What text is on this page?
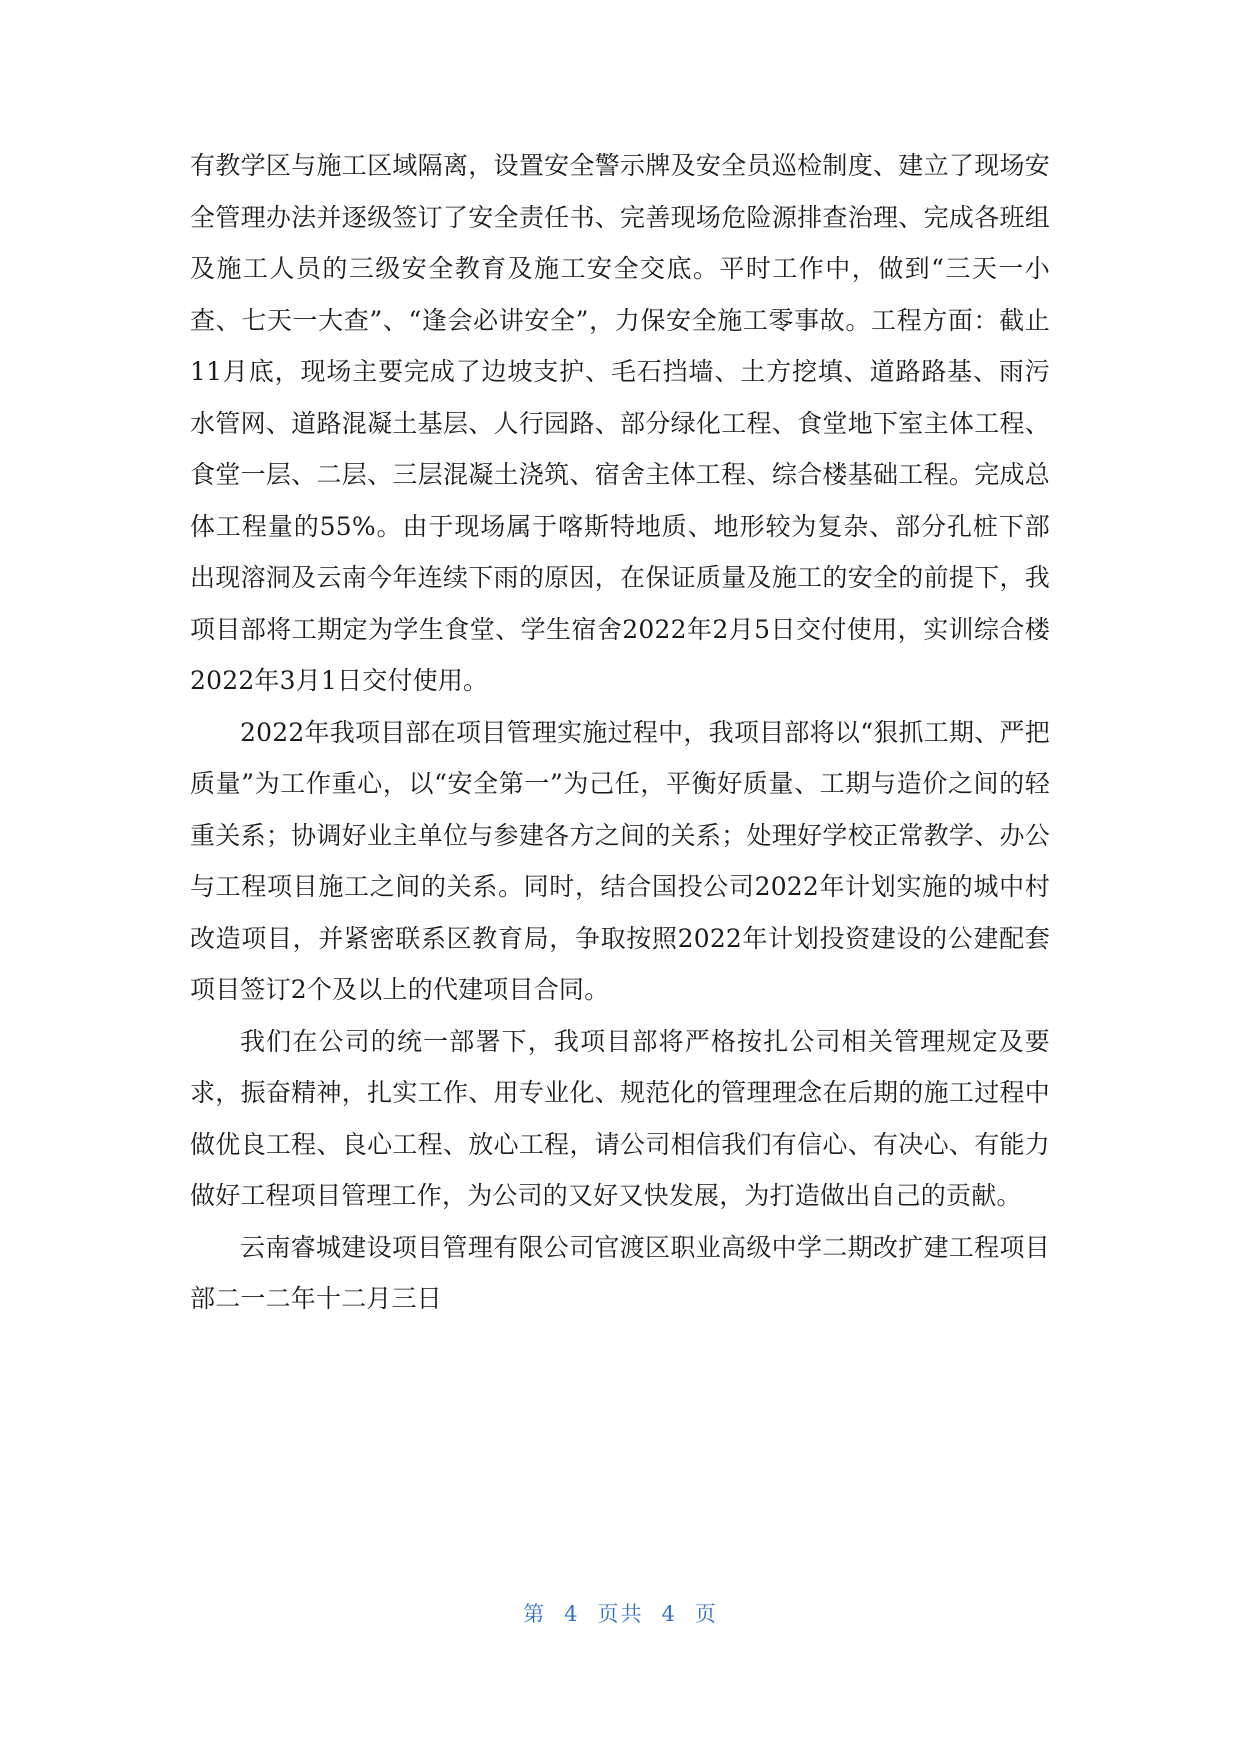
有教学区与施工区域隔离，设置安全警示牌及安全员巡检制度、建立了现场安全管理办法并逐级签订了安全责任书、完善现场危险源排查治理、完成各班组及施工人员的三级安全教育及施工安全交底。平时工作中，做到“三天一小查、七天一大查”、“逢会必讲安全”，力保安全施工零事故。工程方面：截止11月底，现场主要完成了边坡支护、毛石挡墙、土方挖填、道路路基、雨污水管网、道路混凝土基层、人行园路、部分绿化工程、食堂地下室主体工程、食堂一层、二层、三层混凝土浇筑、宿舍主体工程、综合楼基础工程。完成总体工程量的55%。由于现场属于喀斯特地质、地形较为复杂、部分孔桩下部出现溶洞及云南今年连续下雨的原因，在保证质量及施工的安全的前提下，我项目部将工期定为学生食堂、学生宿舍2022年2月5日交付使用，实训综合楼2022年3月1日交付使用。

2022年我项目部在项目管理实施过程中，我项目部将以“狠抓工期、严把质量”为工作重心，以“安全第一”为己任，平衡好质量、工期与造价之间的轻重关系；协调好业主单位与参建各方之间的关系；处理好学校正常教学、办公与工程项目施工之间的关系。同时，结合国投公司2022年计划实施的城中村改造项目，并紧密联系区教育局，争取按照2022年计划投资建设的公建配套项目签订2个及以上的代建项目合同。

我们在公司的统一部署下，我项目部将严格按扎公司相关管理规定及要求，振奋精神，扎实工作、用专业化、规范化的管理理念在后期的施工过程中做优良工程、良心工程、放心工程，请公司相信我们有信心、有决心、有能力做好工程项目管理工作，为公司的又好又快发展，为打造做出自己的贡献。

云南睿城建设项目管理有限公司官渡区职业高级中学二期改扩建工程项目部二一二年十二月三日

第 4 页共 4 页
